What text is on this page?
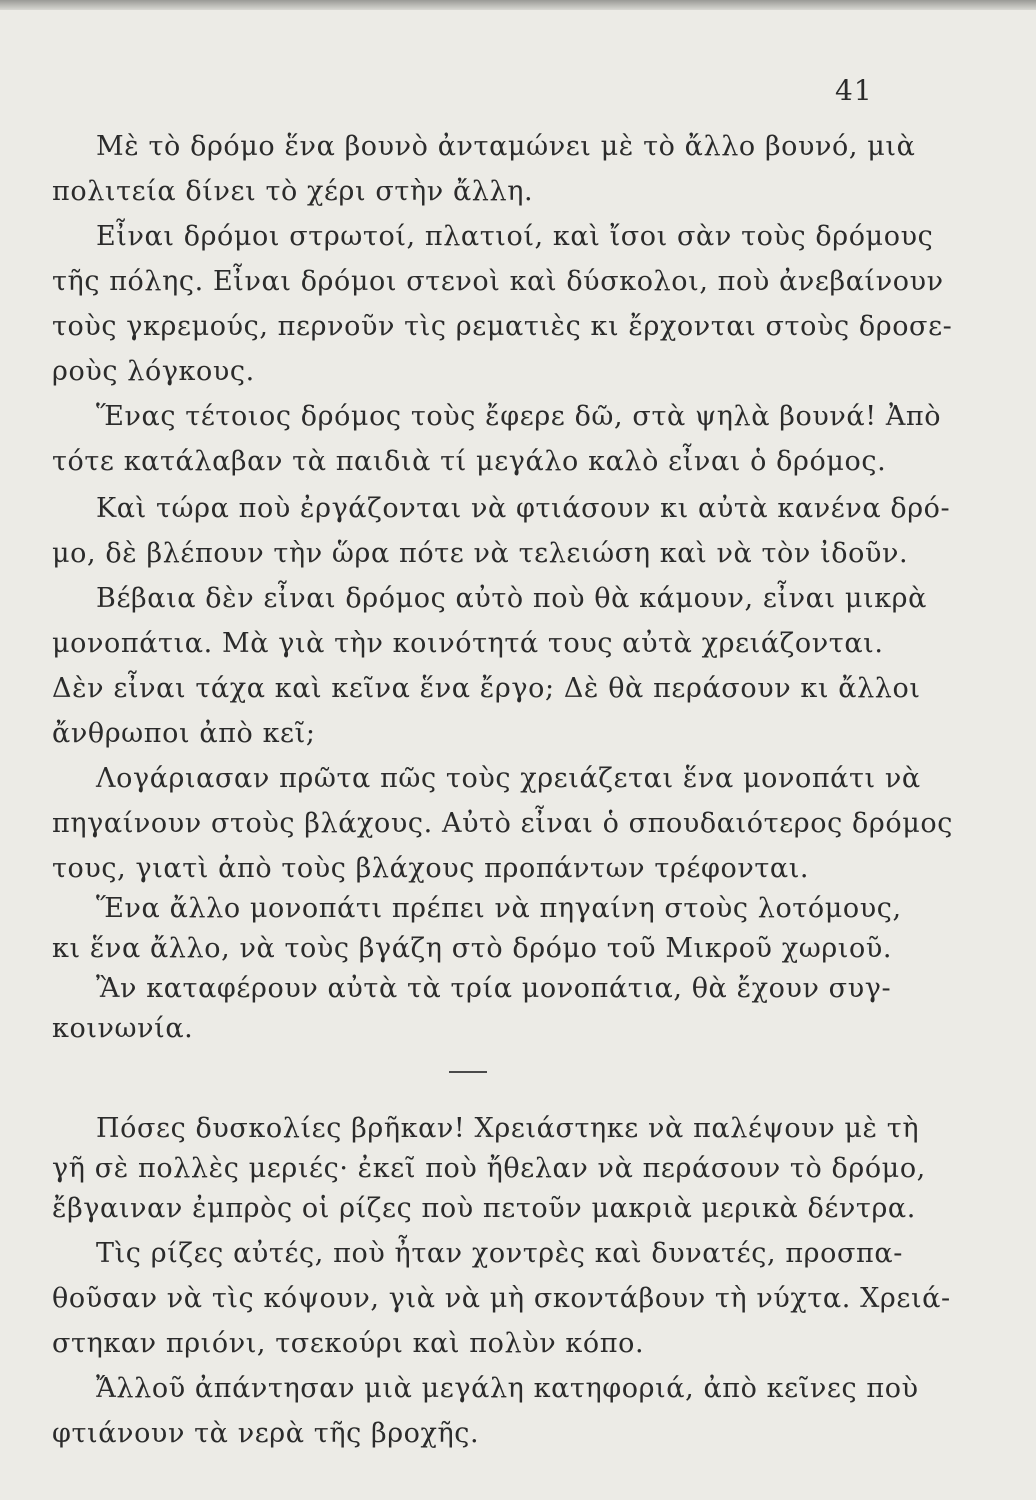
41
Μὲ τὸ δρόμο ἕνα βουνὸ ἀνταμώνει μὲ τὸ ἄλλο βουνό, μιὰ
πολιτεία δίνει τὸ χέρι στὴν ἄλλη.
Εἶναι δρόμοι στρωτοί, πλατιοί, καὶ ἴσοι σὰν τοὺς δρόμους
τῆς πόλης. Εἶναι δρόμοι στενοὶ καὶ δύσκολοι, ποὺ ἀνεβαίνουν
τοὺς γκρεμούς, περνοῦν τὶς ρεματιὲς κι ἔρχονται στοὺς δροσε-
ροὺς λόγκους.
Ἕνας τέτοιος δρόμος τοὺς ἔφερε δῶ, στὰ ψηλὰ βουνά! Ἀπὸ
τότε κατάλαβαν τὰ παιδιὰ τί μεγάλο καλὸ εἶναι ὁ δρόμος.
Καὶ τώρα ποὺ ἐργάζονται νὰ φτιάσουν κι αὐτὰ κανένα δρό-
μο, δὲ βλέπουν τὴν ὥρα πότε νὰ τελειώση καὶ νὰ τὸν ἰδοῦν.
Βέβαια δὲν εἶναι δρόμος αὐτὸ ποὺ θὰ κάμουν, εἶναι μικρὰ
μονοπάτια. Μὰ γιὰ τὴν κοινότητά τους αὐτὰ χρειάζονται.
Δὲν εἶναι τάχα καὶ κεῖνα ἕνα ἔργο; Δὲ θὰ περάσουν κι ἄλλοι
ἄνθρωποι ἀπὸ κεῖ;
Λογάριασαν πρῶτα πῶς τοὺς χρειάζεται ἕνα μονοπάτι νὰ
πηγαίνουν στοὺς βλάχους. Αὐτὸ εἶναι ὁ σπουδαιότερος δρόμος
τους, γιατὶ ἀπὸ τοὺς βλάχους προπάντων τρέφονται.
Ἕνα ἄλλο μονοπάτι πρέπει νὰ πηγαίνη στοὺς λοτόμους,
κι ἕνα ἄλλο, νὰ τοὺς βγάζη στὸ δρόμο τοῦ Μικροῦ χωριοῦ.
Ἂν καταφέρουν αὐτὰ τὰ τρία μονοπάτια, θὰ ἔχουν συγ-
κοινωνία.
Πόσες δυσκολίες βρῆκαν! Χρειάστηκε νὰ παλέψουν μὲ τὴ
γῆ σὲ πολλὲς μεριές· ἐκεῖ ποὺ ἤθελαν νὰ περάσουν τὸ δρόμο,
ἔβγαιναν ἐμπρὸς οἱ ρίζες ποὺ πετοῦν μακριὰ μερικὰ δέντρα.
Τὶς ρίζες αὐτές, ποὺ ἦταν χοντρὲς καὶ δυνατές, προσπα-
θοῦσαν νὰ τὶς κόψουν, γιὰ νὰ μὴ σκοντάβουν τὴ νύχτα. Χρειά-
στηκαν πριόνι, τσεκούρι καὶ πολὺν κόπο.
Ἄλλοῦ ἀπάντησαν μιὰ μεγάλη κατηφοριά, ἀπὸ κεῖνες ποὺ
φτιάνουν τὰ νερὰ τῆς βροχῆς.
